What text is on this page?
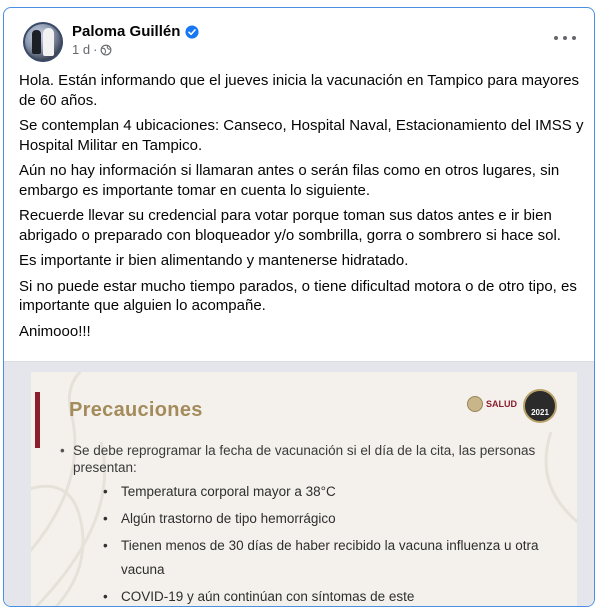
Paloma Guillén
1 d ·

Hola. Están informando que el jueves inicia la vacunación en Tampico para mayores de 60 años.

Se contemplan 4 ubicaciones: Canseco, Hospital Naval, Estacionamiento del IMSS y Hospital Militar en Tampico.

Aún no hay información si llamaran antes o serán filas como en otros lugares, sin embargo es importante tomar en cuenta lo siguiente.

Recuerde llevar su credencial para votar porque toman sus datos antes e ir bien abrigado o preparado con bloqueador y/o sombrilla, gorra o sombrero si hace sol.

Es importante ir bien alimentando y mantenerse hidratado.

Si no puede estar mucho tiempo parados, o tiene dificultad motora o de otro tipo, es importante que alguien lo acompañe.

Animooo!!!

Precauciones	SALUD
2021
• Se debe reprogramar la fecha de vacunación si el día de la cita, las personas presentan:
• Temperatura corporal mayor a 38°C
• Algún trastorno de tipo hemorrágico
• Tienen menos de 30 días de haber recibido la vacuna influenza u otra vacuna
• COVID-19 y aún continúan con síntomas de este
